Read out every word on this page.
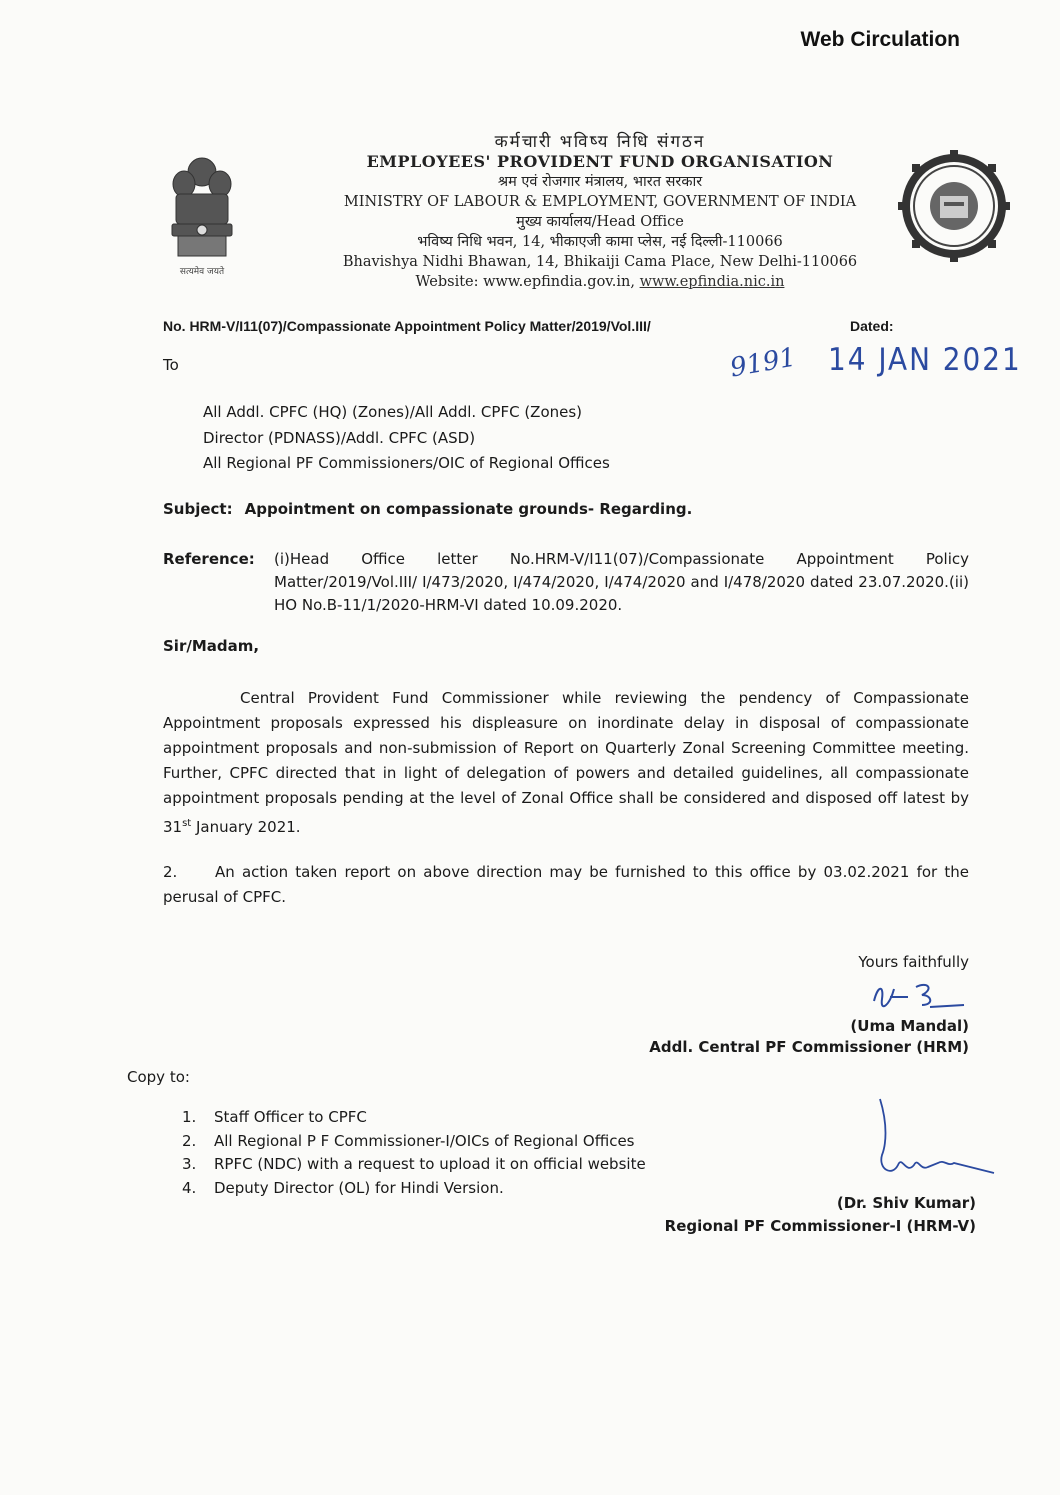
Web Circulation
सत्यमेव जयते
कर्मचारी भविष्य निधि संगठन
EMPLOYEES' PROVIDENT FUND ORGANISATION
श्रम एवं रोजगार मंत्रालय, भारत सरकार
MINISTRY OF LABOUR & EMPLOYMENT, GOVERNMENT OF INDIA
मुख्य कार्यालय/Head Office
भविष्य निधि भवन, 14, भीकाएजी कामा प्लेस, नई दिल्ली-110066
Bhavishya Nidhi Bhawan, 14, Bhikaiji Cama Place, New Delhi-110066
Website: www.epfindia.gov.in, www.epfindia.nic.in
No. HRM-V/I11(07)/Compassionate Appointment Policy Matter/2019/Vol.III/	Dated:
9191 14 JAN 2021
To
All Addl. CPFC (HQ) (Zones)/All Addl. CPFC (Zones)
Director (PDNASS)/Addl. CPFC (ASD)
All Regional PF Commissioners/OIC of Regional Offices
Subject: Appointment on compassionate grounds- Regarding.
Reference: (i)Head Office letter No.HRM-V/I11(07)/Compassionate Appointment Policy Matter/2019/Vol.III/ I/473/2020, I/474/2020, I/474/2020 and I/478/2020 dated 23.07.2020.(ii) HO No.B-11/1/2020-HRM-VI dated 10.09.2020.
Sir/Madam,
Central Provident Fund Commissioner while reviewing the pendency of Compassionate Appointment proposals expressed his displeasure on inordinate delay in disposal of compassionate appointment proposals and non-submission of Report on Quarterly Zonal Screening Committee meeting. Further, CPFC directed that in light of delegation of powers and detailed guidelines, all compassionate appointment proposals pending at the level of Zonal Office shall be considered and disposed off latest by 31st January 2021.
2.	An action taken report on above direction may be furnished to this office by 03.02.2021 for the perusal of CPFC.
Yours faithfully
(Uma Mandal)
Addl. Central PF Commissioner (HRM)
Copy to:
1. Staff Officer to CPFC
2. All Regional P F Commissioner-I/OICs of Regional Offices
3. RPFC (NDC) with a request to upload it on official website
4. Deputy Director (OL) for Hindi Version.
(Dr. Shiv Kumar)
Regional PF Commissioner-I (HRM-V)
